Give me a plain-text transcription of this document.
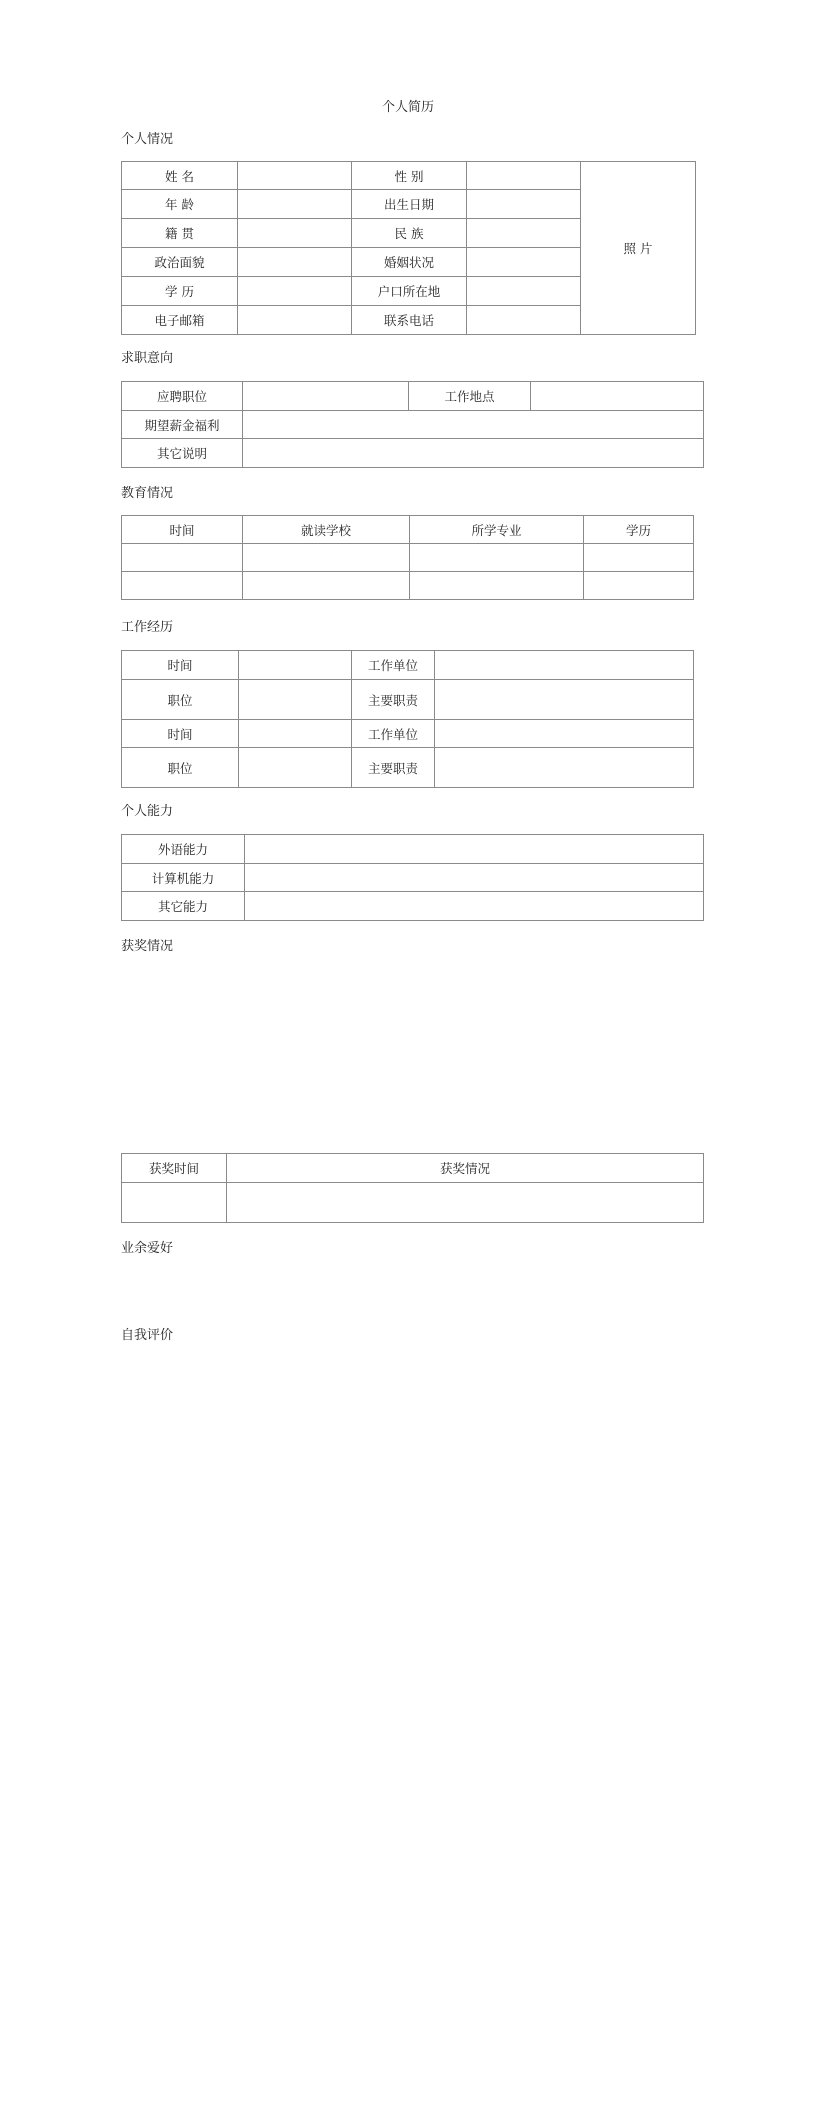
个人简历
个人情况
姓 名		性 别		照 片
年 龄		出生日期		
籍 贯		民 族		
政治面貌		婚姻状况		
学 历		户口所在地		
电子邮箱		联系电话		
求职意向
应聘职位		工作地点	
期望薪金福利			
其它说明			
教育情况
时间	就读学校	所学专业	学历

工作经历
时间		工作单位	
职位		主要职责	
时间		工作单位	
职位		主要职责	
个人能力
外语能力	
计算机能力	
其它能力	
获奖情况
获奖时间	获奖情况

业余爱好
自我评价
